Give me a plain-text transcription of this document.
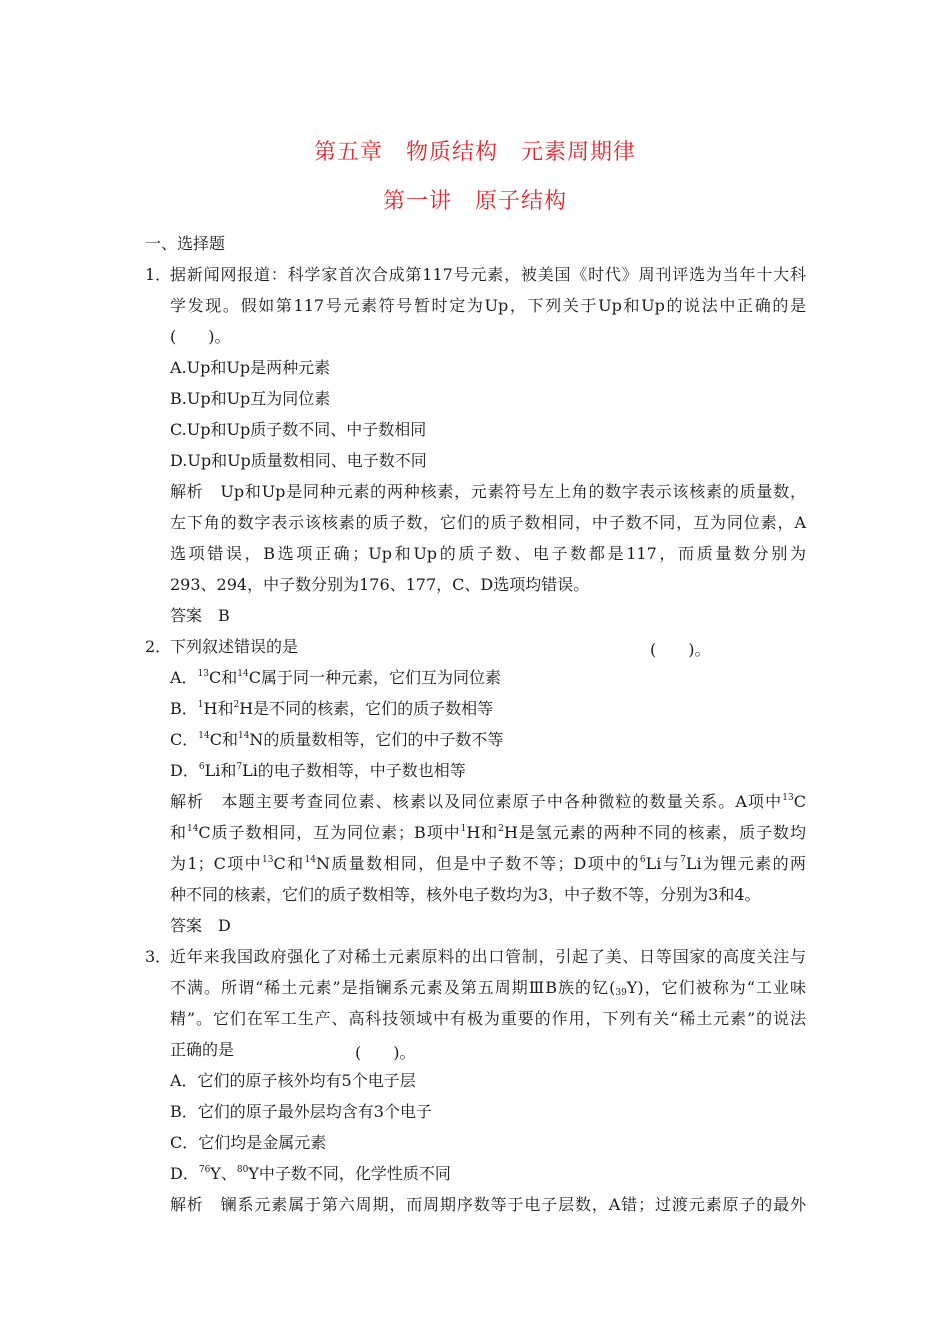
第五章　物质结构　元素周期律
第一讲　原子结构
一、选择题
1．
据新闻网报道：科学家首次合成第117号元素，被美国《时代》周刊评选为当年十大科
学发现。假如第117号元素符号暂时定为Up，下列关于Up和Up的说法中正确的是
(　　)。
A.Up和Up是两种元素
B.Up和Up互为同位素
C.Up和Up质子数不同、中子数相同
D.Up和Up质量数相同、电子数不同
解析　Up和Up是同种元素的两种核素，元素符号左上角的数字表示该核素的质量数，
左下角的数字表示该核素的质子数，它们的质子数相同，中子数不同，互为同位素，A
选项错误，B选项正确；Up和Up的质子数、电子数都是117，而质量数分别为
293、294，中子数分别为176、177，C、D选项均错误。
答案　B
2．
下列叙述错误的是	(　　)。
A．$^{13}$C和$^{14}$C属于同一种元素，它们互为同位素
B．$^1$H和$^2$H是不同的核素，它们的质子数相等
C．$^{14}$C和$^{14}$N的质量数相等，它们的中子数不等
D．$^6$Li和$^7$Li的电子数相等，中子数也相等
解析　本题主要考查同位素、核素以及同位素原子中各种微粒的数量关系。A项中$^{13}$C
和$^{14}$C质子数相同，互为同位素；B项中$^1$H和$^2$H是氢元素的两种不同的核素，质子数均
为1；C项中$^{13}$C和$^{14}$N质量数相同，但是中子数不等；D项中的$^6$Li与$^7$Li为锂元素的两
种不同的核素，它们的质子数相等，核外电子数均为3，中子数不等，分别为3和4。
答案　D
3．
近年来我国政府强化了对稀土元素原料的出口管制，引起了美、日等国家的高度关注与
不满。所谓“稀土元素”是指镧系元素及第五周期ⅢB族的钇$(_{39}Y)$，它们被称为“工业味
精”。它们在军工生产、高科技领域中有极为重要的作用，下列有关“稀土元素”的说法
正确的是	(　　)。
A．它们的原子核外均有5个电子层
B．它们的原子最外层均含有3个电子
C．它们均是金属元素
D．$^{76}$Y、$^{80}$Y中子数不同，化学性质不同
解析　镧系元素属于第六周期，而周期序数等于电子层数，A错；过渡元素原子的最外
